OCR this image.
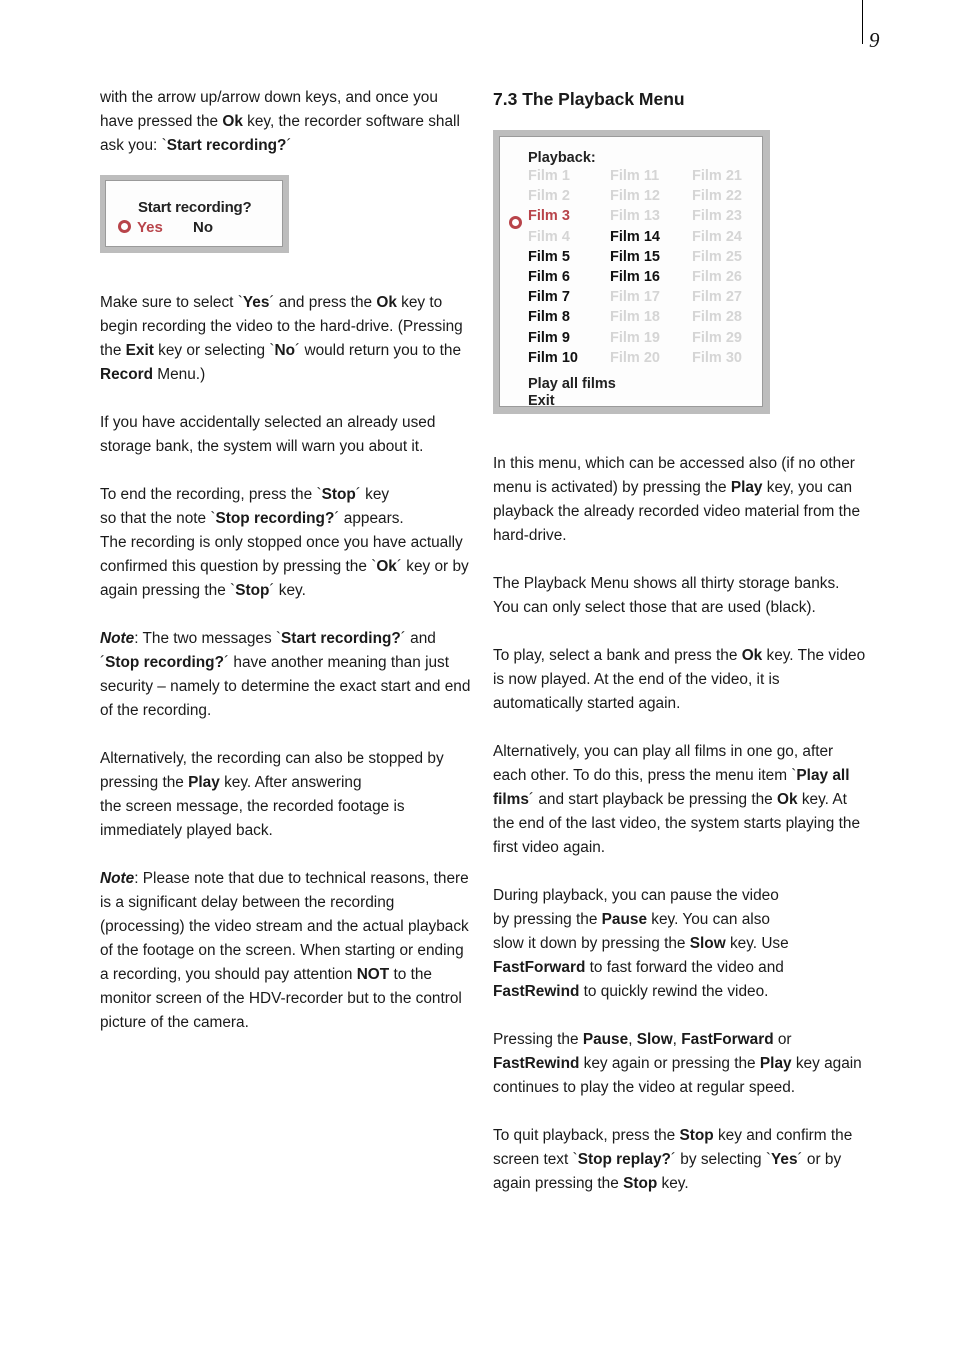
9
with the arrow up/arrow down keys, and once you have pressed the Ok key, the recorder software shall ask you: `Start recording?´
Start recording?
Yes No
Make sure to select `Yes´ and press the Ok key to begin recording the video to the hard-drive. (Pressing the Exit key or selecting `No´ would return you to the Record Menu.)
If you have accidentally selected an already used storage bank, the system will warn you about it.
To end the recording, press the `Stop´ key
so that the note `Stop recording?´ appears.
The recording is only stopped once you have actually confirmed this question by pressing the `Ok´ key or by again pressing the `Stop´ key.
Note: The two messages `Start recording?´ and ´Stop recording?´ have another meaning than just security – namely to determine the exact start and end of the recording.
Alternatively, the recording can also be stopped by pressing the Play key. After answering
the screen message, the recorded footage is immediately played back.
Note: Please note that due to technical reasons, there is a significant delay between the recording (processing) the video stream and the actual playback of the footage on the screen. When starting or ending a recording, you should pay attention NOT to the monitor screen of the HDV-recorder but to the control picture of the camera.
7.3 The Playback Menu
Playback:
Film 1
Film 2
Film 3
Film 4
Film 5
Film 6
Film 7
Film 8
Film 9
Film 10
Film 11
Film 12
Film 13
Film 14
Film 15
Film 16
Film 17
Film 18
Film 19
Film 20
Film 21
Film 22
Film 23
Film 24
Film 25
Film 26
Film 27
Film 28
Film 29
Film 30
Play all films
Exit
In this menu, which can be accessed also (if no other menu is activated) by pressing the Play key, you can playback the already recorded video material from the hard-drive.
The Playback Menu shows all thirty storage banks. You can only select those that are used (black).
To play, select a bank and press the Ok key. The video is now played. At the end of the video, it is automatically started again.
Alternatively, you can play all films in one go, after each other. To do this, press the menu item `Play all films´ and start playback be pressing the Ok key. At the end of the last video, the system starts playing the first video again.
During playback, you can pause the video
by pressing the Pause key. You can also
slow it down by pressing the Slow key. Use FastForward to fast forward the video and FastRewind to quickly rewind the video.
Pressing the Pause, Slow, FastForward or FastRewind key again or pressing the Play key again continues to play the video at regular speed.
To quit playback, press the Stop key and confirm the screen text `Stop replay?´ by selecting `Yes´ or by again pressing the Stop key.
